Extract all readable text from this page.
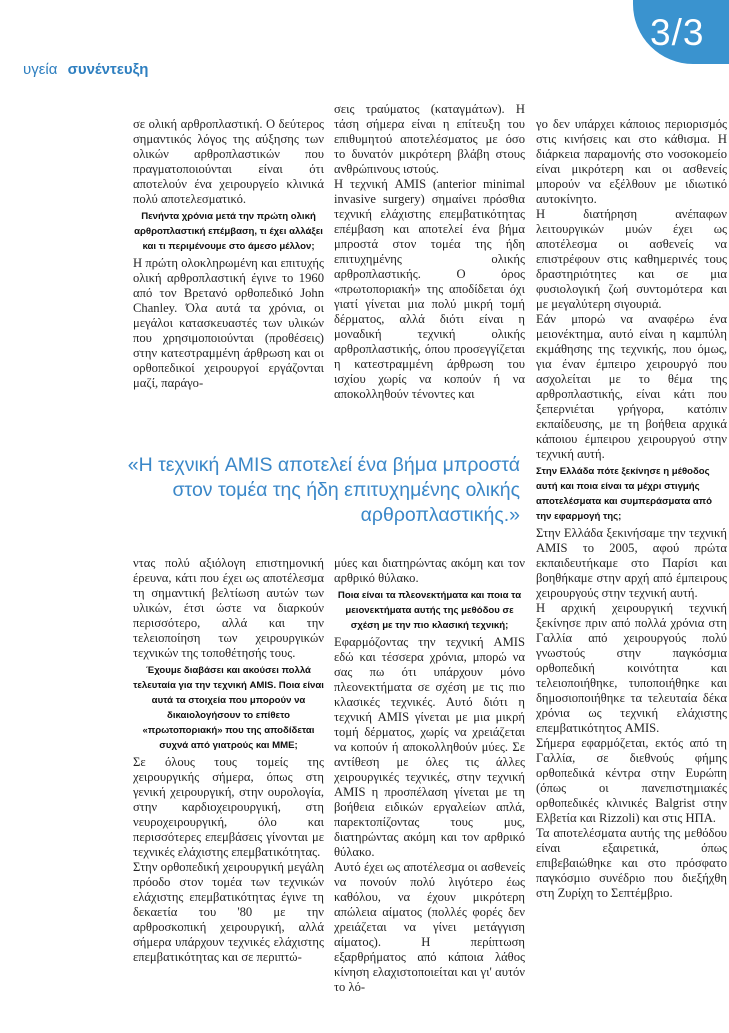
3/3
υγεία συνέντευξη

σε ολική αρθροπλαστική. Ο δεύτερος σημαντικός λόγος της αύξησης των ολικών αρθροπλαστικών που πραγματοποιούνται είναι ότι αποτελούν ένα χειρουργείο κλινικά πολύ αποτελεσματικό.

Πενήντα χρόνια μετά την πρώτη ολική αρθροπλαστική επέμβαση, τι έχει αλλάξει και τι περιμένουμε στο άμεσο μέλλον;

Η πρώτη ολοκληρωμένη και επιτυχής ολική αρθροπλαστική έγινε το 1960 από τον Βρετανό ορθοπεδικό John Chanley. Όλα αυτά τα χρόνια, οι μεγάλοι κατασκευαστές των υλικών που χρησιμοποιούνται (προθέσεις) στην κατεστραμμένη άρθρωση και οι ορθοπεδικοί χειρουργοί εργάζονται μαζί, παράγο-

σεις τραύματος (καταγμάτων). Η τάση σήμερα είναι η επίτευξη του επιθυμητού αποτελέσματος με όσο το δυνατόν μικρότερη βλάβη στους ανθρώπινους ιστούς.

Η τεχνική AMIS (anterior minimal invasive surgery) σημαίνει πρόσθια τεχνική ελάχιστης επεμβατικότητας επέμβαση και αποτελεί ένα βήμα μπροστά στον τομέα της ήδη επιτυχημένης ολικής αρθροπλαστικής. Ο όρος «πρωτοποριακή» της αποδίδεται όχι γιατί γίνεται μια πολύ μικρή τομή δέρματος, αλλά διότι είναι η μοναδική τεχνική ολικής αρθροπλαστικής, όπου προσεγγίζεται η κατεστραμμένη άρθρωση του ισχίου χωρίς να κοπούν ή να αποκολληθούν τένοντες και

γο δεν υπάρχει κάποιος περιορισμός στις κινήσεις και στο κάθισμα. Η διάρκεια παραμονής στο νοσοκομείο είναι μικρότερη και οι ασθενείς μπορούν να εξέλθουν με ιδιωτικό αυτοκίνητο.

Η διατήρηση ανέπαφων λειτουργικών μυών έχει ως αποτέλεσμα οι ασθενείς να επιστρέφουν στις καθημερινές τους δραστηριότητες και σε μια φυσιολογική ζωή συντομότερα και με μεγαλύτερη σιγουριά.

Εάν μπορώ να αναφέρω ένα μειονέκτημα, αυτό είναι η καμπύλη εκμάθησης της τεχνικής, που όμως, για έναν έμπειρο χειρουργό που ασχολείται με το θέμα της αρθροπλαστικής, είναι κάτι που ξεπερνιέται γρήγορα, κατόπιν εκπαίδευσης, με τη βοήθεια αρχικά κάποιου έμπειρου χειρουργού στην τεχνική αυτή.

Στην Ελλάδα πότε ξεκίνησε η μέθοδος αυτή και ποια είναι τα μέχρι στιγμής αποτελέσματα και συμπεράσματα από την εφαρμογή της;

Στην Ελλάδα ξεκινήσαμε την τεχνική AMIS το 2005, αφού πρώτα εκπαιδευτήκαμε στο Παρίσι και βοηθήκαμε στην αρχή από έμπειρους χειρουργούς στην τεχνική αυτή.

Η αρχική χειρουργική τεχνική ξεκίνησε πριν από πολλά χρόνια στη Γαλλία από χειρουργούς πολύ γνωστούς στην παγκόσμια ορθοπεδική κοινότητα και τελειοποιήθηκε, τυποποιήθηκε και δημοσιοποιήθηκε τα τελευταία δέκα χρόνια ως τεχνική ελάχιστης επεμβατικότητος AMIS.

Σήμερα εφαρμόζεται, εκτός από τη Γαλλία, σε διεθνούς φήμης ορθοπεδικά κέντρα στην Ευρώπη (όπως οι πανεπιστημιακές ορθοπεδικές κλινικές Balgrist στην Ελβετία και Rizzoli) και στις ΗΠΑ.

Τα αποτελέσματα αυτής της μεθόδου είναι εξαιρετικά, όπως επιβεβαιώθηκε και στο πρόσφατο παγκόσμιο συνέδριο που διεξήχθη στη Ζυρίχη το Σεπτέμβριο.

«Η τεχνική AMIS αποτελεί ένα βήμα μπροστά στον τομέα της ήδη επιτυχημένης ολικής αρθροπλαστικής.»

ντας πολύ αξιόλογη επιστημονική έρευνα, κάτι που έχει ως αποτέλεσμα τη σημαντική βελτίωση αυτών των υλικών, έτσι ώστε να διαρκούν περισσότερο, αλλά και την τελειοποίηση των χειρουργικών τεχνικών της τοποθέτησής τους.

Έχουμε διαβάσει και ακούσει πολλά τελευταία για την τεχνική AMIS. Ποια είναι αυτά τα στοιχεία που μπορούν να δικαιολογήσουν το επίθετο «πρωτοποριακή» που της αποδίδεται συχνά από γιατρούς και ΜΜΕ;

Σε όλους τους τομείς της χειρουργικής σήμερα, όπως στη γενική χειρουργική, στην ουρολογία, στην καρδιοχειρουργική, στη νευροχειρουργική, όλο και περισσότερες επεμβάσεις γίνονται με τεχνικές ελάχιστης επεμβατικότητας.

Στην ορθοπεδική χειρουργική μεγάλη πρόοδο στον τομέα των τεχνικών ελάχιστης επεμβατικότητας έγινε τη δεκαετία του '80 με την αρθροσκοπική χειρουργική, αλλά σήμερα υπάρχουν τεχνικές ελάχιστης επεμβατικότητας και σε περιπτώ-

μύες και διατηρώντας ακόμη και τον αρθρικό θύλακο.

Ποια είναι τα πλεονεκτήματα και ποια τα μειονεκτήματα αυτής της μεθόδου σε σχέση με την πιο κλασική τεχνική;

Εφαρμόζοντας την τεχνική AMIS εδώ και τέσσερα χρόνια, μπορώ να σας πω ότι υπάρχουν μόνο πλεονεκτήματα σε σχέση με τις πιο κλασικές τεχνικές. Αυτό διότι η τεχνική AMIS γίνεται με μια μικρή τομή δέρματος, χωρίς να χρειάζεται να κοπούν ή αποκολληθούν μύες. Σε αντίθεση με όλες τις άλλες χειρουργικές τεχνικές, στην τεχνική AMIS η προσπέλαση γίνεται με τη βοήθεια ειδικών εργαλείων απλά, παρεκτοπίζοντας τους μυς, διατηρώντας ακόμη και τον αρθρικό θύλακο.

Αυτό έχει ως αποτέλεσμα οι ασθενείς να πονούν πολύ λιγότερο έως καθόλου, να έχουν μικρότερη απώλεια αίματος (πολλές φορές δεν χρειάζεται να γίνει μετάγγιση αίματος). Η περίπτωση εξαρθρήματος από κάποια λάθος κίνηση ελαχιστοποιείται και γι' αυτόν το λό-
